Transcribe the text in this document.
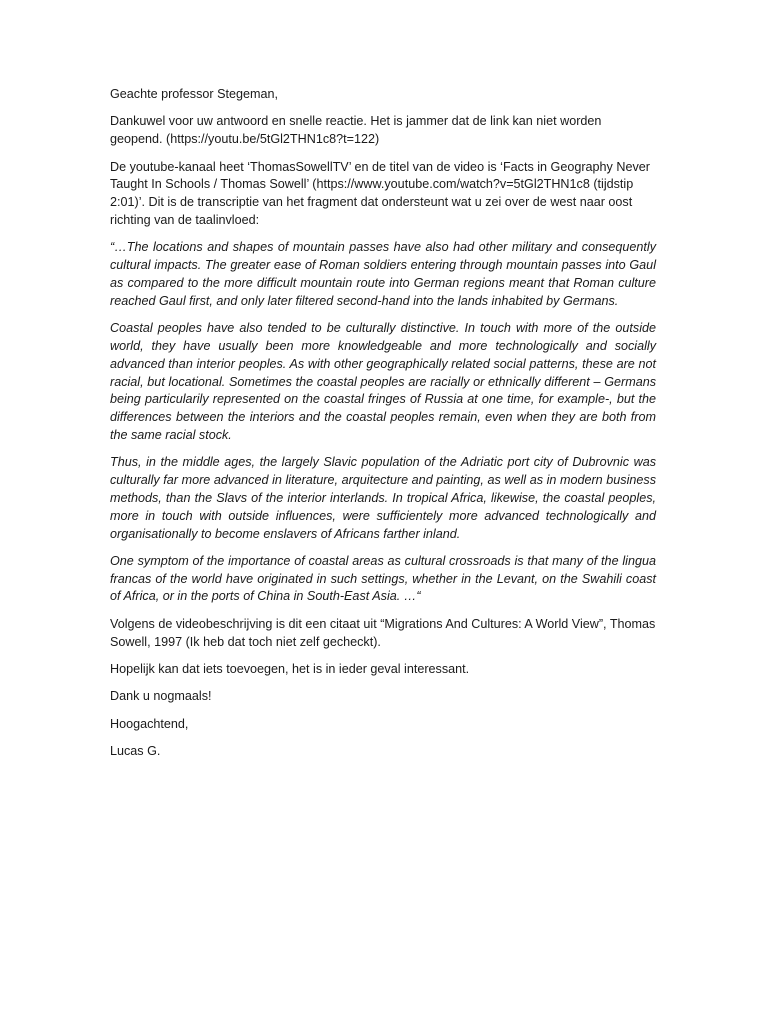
Geachte professor Stegeman,

Dankuwel voor uw antwoord en snelle reactie. Het is jammer dat de link kan niet worden geopend. (https://youtu.be/5tGl2THN1c8?t=122)

De youtube-kanaal heet ‘ThomasSowellTV’ en de titel van de video is ‘Facts in Geography Never Taught In Schools / Thomas Sowell’ (https://www.youtube.com/watch?v=5tGl2THN1c8 (tijdstip 2:01)’. Dit is de transcriptie van het fragment dat ondersteunt wat u zei over de west naar oost richting van de taalinvloed:

“…The locations and shapes of mountain passes have also had other military and consequently cultural impacts. The greater ease of Roman soldiers entering through mountain passes into Gaul as compared to the more difficult mountain route into German regions meant that Roman culture reached Gaul first, and only later filtered second-hand into the lands inhabited by Germans.

Coastal peoples have also tended to be culturally distinctive. In touch with more of the outside world, they have usually been more knowledgeable and more technologically and socially advanced than interior peoples. As with other geographically related social patterns, these are not racial, but locational. Sometimes the coastal peoples are racially or ethnically different – Germans being particularily represented on the coastal fringes of Russia at one time, for example-, but the differences between the interiors and the coastal peoples remain, even when they are both from the same racial stock.

Thus, in the middle ages, the largely Slavic population of the Adriatic port city of Dubrovnic was culturally far more advanced in literature, arquitecture and painting, as well as in modern business methods, than the Slavs of the interior interlands. In tropical Africa, likewise, the coastal peoples, more in touch with outside influences, were sufficientely more advanced technologically and organisationally to become enslavers of Africans farther inland.

One symptom of the importance of coastal areas as cultural crossroads is that many of the lingua francas of the world have originated in such settings, whether in the Levant, on the Swahili coast of Africa, or in the ports of China in South-East Asia. …“

Volgens de videobeschrijving is dit een citaat uit “Migrations And Cultures: A World View”, Thomas Sowell, 1997 (Ik heb dat toch niet zelf gecheckt).

Hopelijk kan dat iets toevoegen, het is in ieder geval interessant.

Dank u nogmaals!

Hoogachtend,

Lucas G.
